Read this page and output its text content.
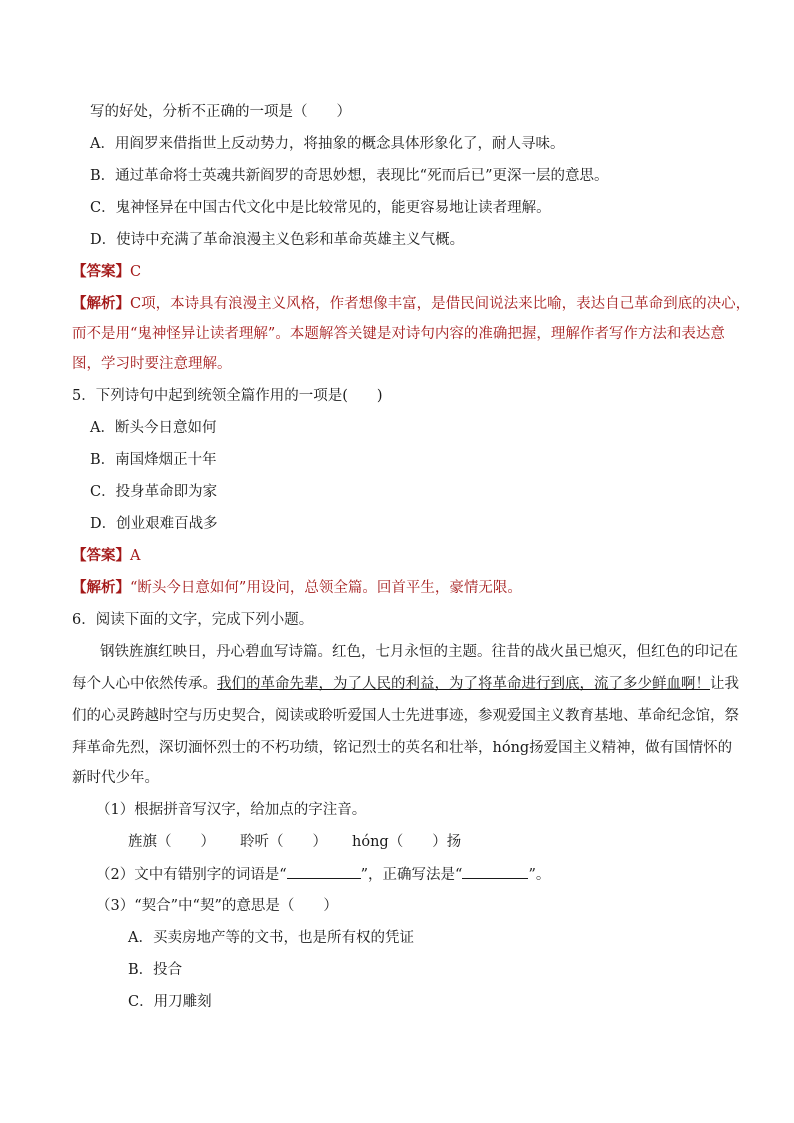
写的好处，分析不正确的一项是（　　）
A．用阎罗来借指世上反动势力，将抽象的概念具体形象化了，耐人寻味。
B．通过革命将士英魂共新阎罗的奇思妙想，表现比“死而后已”更深一层的意思。
C．鬼神怪异在中国古代文化中是比较常见的，能更容易地让读者理解。
D．使诗中充满了革命浪漫主义色彩和革命英雄主义气概。
【答案】C
【解析】C项，本诗具有浪漫主义风格，作者想像丰富，是借民间说法来比喻，表达自己革命到底的决心，
而不是用“鬼神怪异让读者理解”。本题解答关键是对诗句内容的准确把握，理解作者写作方法和表达意
图，学习时要注意理解。
5．下列诗句中起到统领全篇作用的一项是(　　)
A．断头今日意如何
B．南国烽烟正十年
C．投身革命即为家
D．创业艰难百战多
【答案】A
【解析】“断头今日意如何”用设问，总领全篇。回首平生，豪情无限。
6．阅读下面的文字，完成下列小题。
钢铁旌旗红映日，丹心碧血写诗篇。红色，七月永恒的主题。往昔的战火虽已熄灭，但红色的印记在
每个人心中依然传承。我们的革命先辈，为了人民的利益，为了将革命进行到底，流了多少鲜血啊！让我
们的心灵跨越时空与历史契合，阅读或聆听爱国人士先进事迹，参观爱国主义教育基地、革命纪念馆，祭
拜革命先烈，深切湎怀烈士的不朽功绩，铭记烈士的英名和壮举，hóng扬爱国主义精神，做有国情怀的
新时代少年。
（1）根据拼音写汉字，给加点的字注音。
旌旗（　　） 聆听（　　） hóng（　　）扬
（2）文中有错别字的词语是“	”，正确写法是“	”。
（3）“契合”中“契”的意思是（　　）
A．买卖房地产等的文书，也是所有权的凭证
B．投合
C．用刀雕刻
